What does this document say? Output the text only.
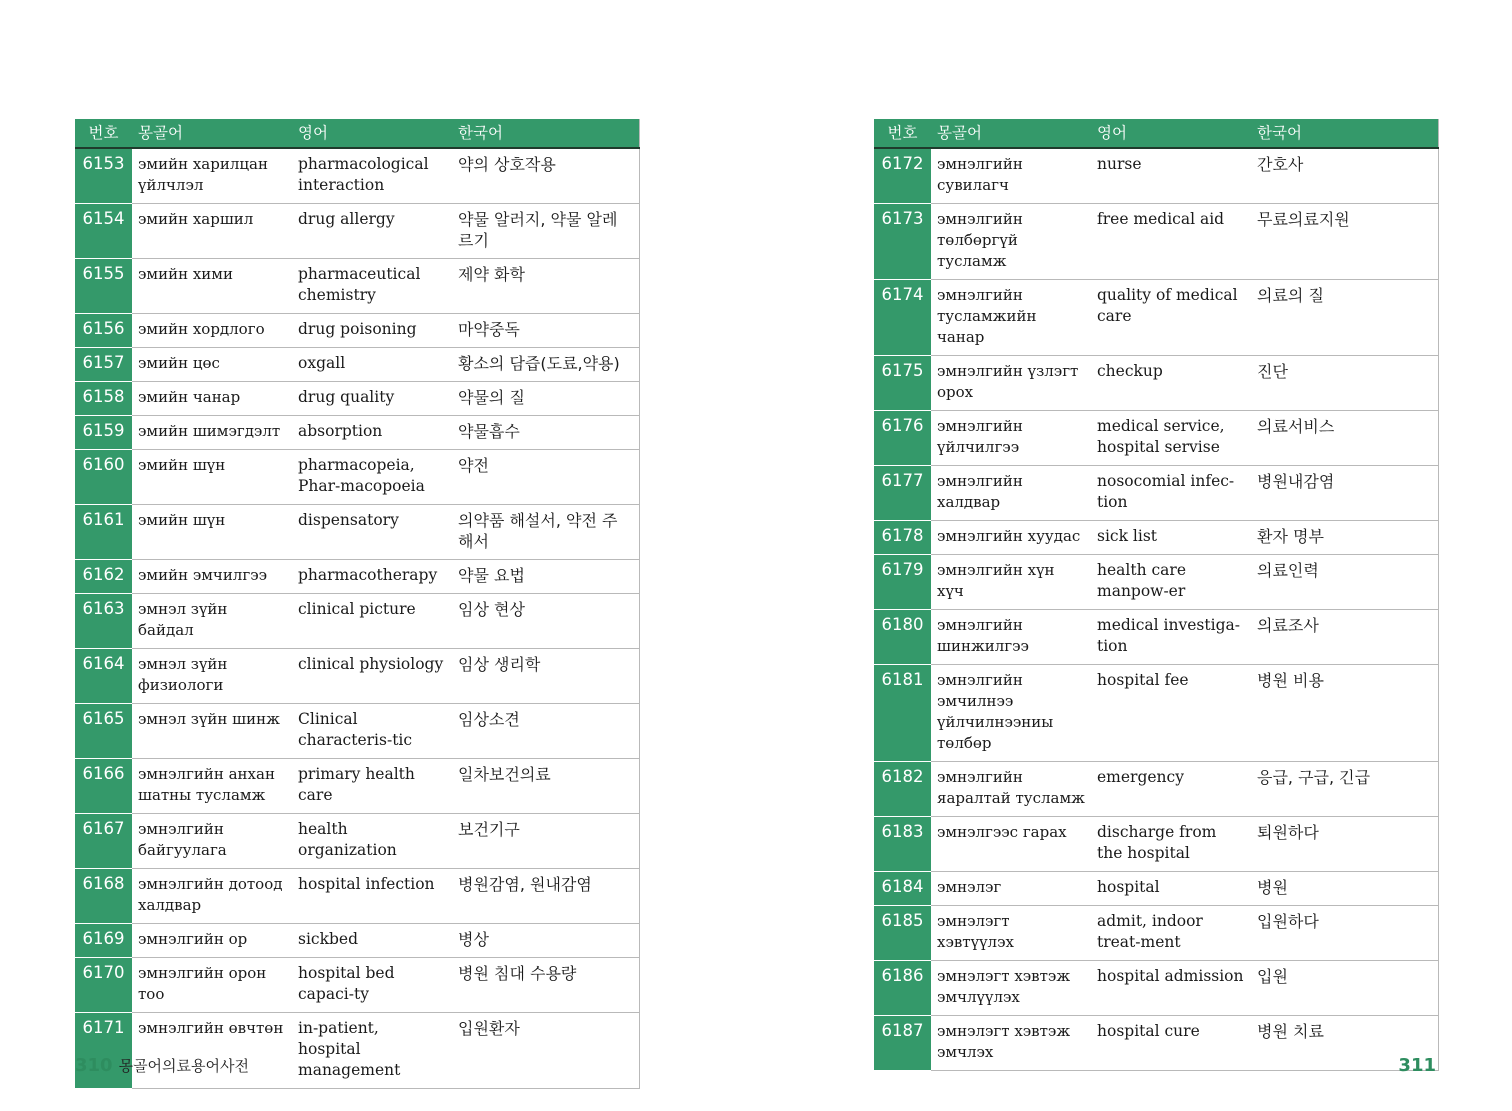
번호	몽골어	영어	한국어
6153	эмийн харилцан үйлчлэл	pharmacological interaction	약의 상호작용
6154	эмийн харшил	drug allergy	약물 알러지, 약물 알레르기
6155	эмийн хими	pharmaceutical chemistry	제약 화학
6156	эмийн хордлого	drug poisoning	마약중독
6157	эмийн цөс	oxgall	황소의 담즙(도료,약용)
6158	эмийн чанар	drug quality	약물의 질
6159	эмийн шимэгдэлт	absorption	약물흡수
6160	эмийн шүн	pharmacopeia, Phar-macopoeia	약전
6161	эмийн шүн	dispensatory	의약품 해설서, 약전 주해서
6162	эмийн эмчилгээ	pharmacotherapy	약물 요법
6163	эмнэл зүйн байдал	clinical picture	임상 현상
6164	эмнэл зүйн физиологи	clinical physiology	임상 생리학
6165	эмнэл зүйн шинж	Clinical characteris-tic	임상소견
6166	эмнэлгийн анхан шатны тусламж	primary health care	일차보건의료
6167	эмнэлгийн байгуулага	health organization	보건기구
6168	эмнэлгийн дотоод халдвар	hospital infection	병원감염, 원내감염
6169	эмнэлгийн ор	sickbed	병상
6170	эмнэлгийн орон тоо	hospital bed capaci-ty	병원 침대 수용량
6171	эмнэлгийн өвчтөн	in-patient, hospital management	입원환자
번호	몽골어	영어	한국어
6172	эмнэлгийн сувилагч	nurse	간호사
6173	эмнэлгийн төлбөргүй тусламж	free medical aid	무료의료지원
6174	эмнэлгийн тусламжийн чанар	quality of medical care	의료의 질
6175	эмнэлгийн үзлэгт орох	checkup	진단
6176	эмнэлгийн үйлчилгээ	medical service, hospital servise	의료서비스
6177	эмнэлгийн халдвар	nosocomial infec-tion	병원내감염
6178	эмнэлгийн хуудас	sick list	환자 명부
6179	эмнэлгийн хүн хүч	health care manpow-er	의료인력
6180	эмнэлгийн шинжилгээ	medical investiga-tion	의료조사
6181	эмнэлгийн эмчилнээ үйлчилнээниы төлбөр	hospital fee	병원 비용
6182	эмнэлгийн яаралтай тусламж	emergency	응급, 구급, 긴급
6183	эмнэлгээс гарах	discharge from the hospital	퇴원하다
6184	эмнэлэг	hospital	병원
6185	эмнэлэгт хэвтүүлэх	admit, indoor treat-ment	입원하다
6186	эмнэлэгт хэвтэж эмчлүүлэх	hospital admission	입원
6187	эмнэлэгт хэвтэж эмчлэх	hospital cure	병원 치료
310 몽골어의료용어사전	311
